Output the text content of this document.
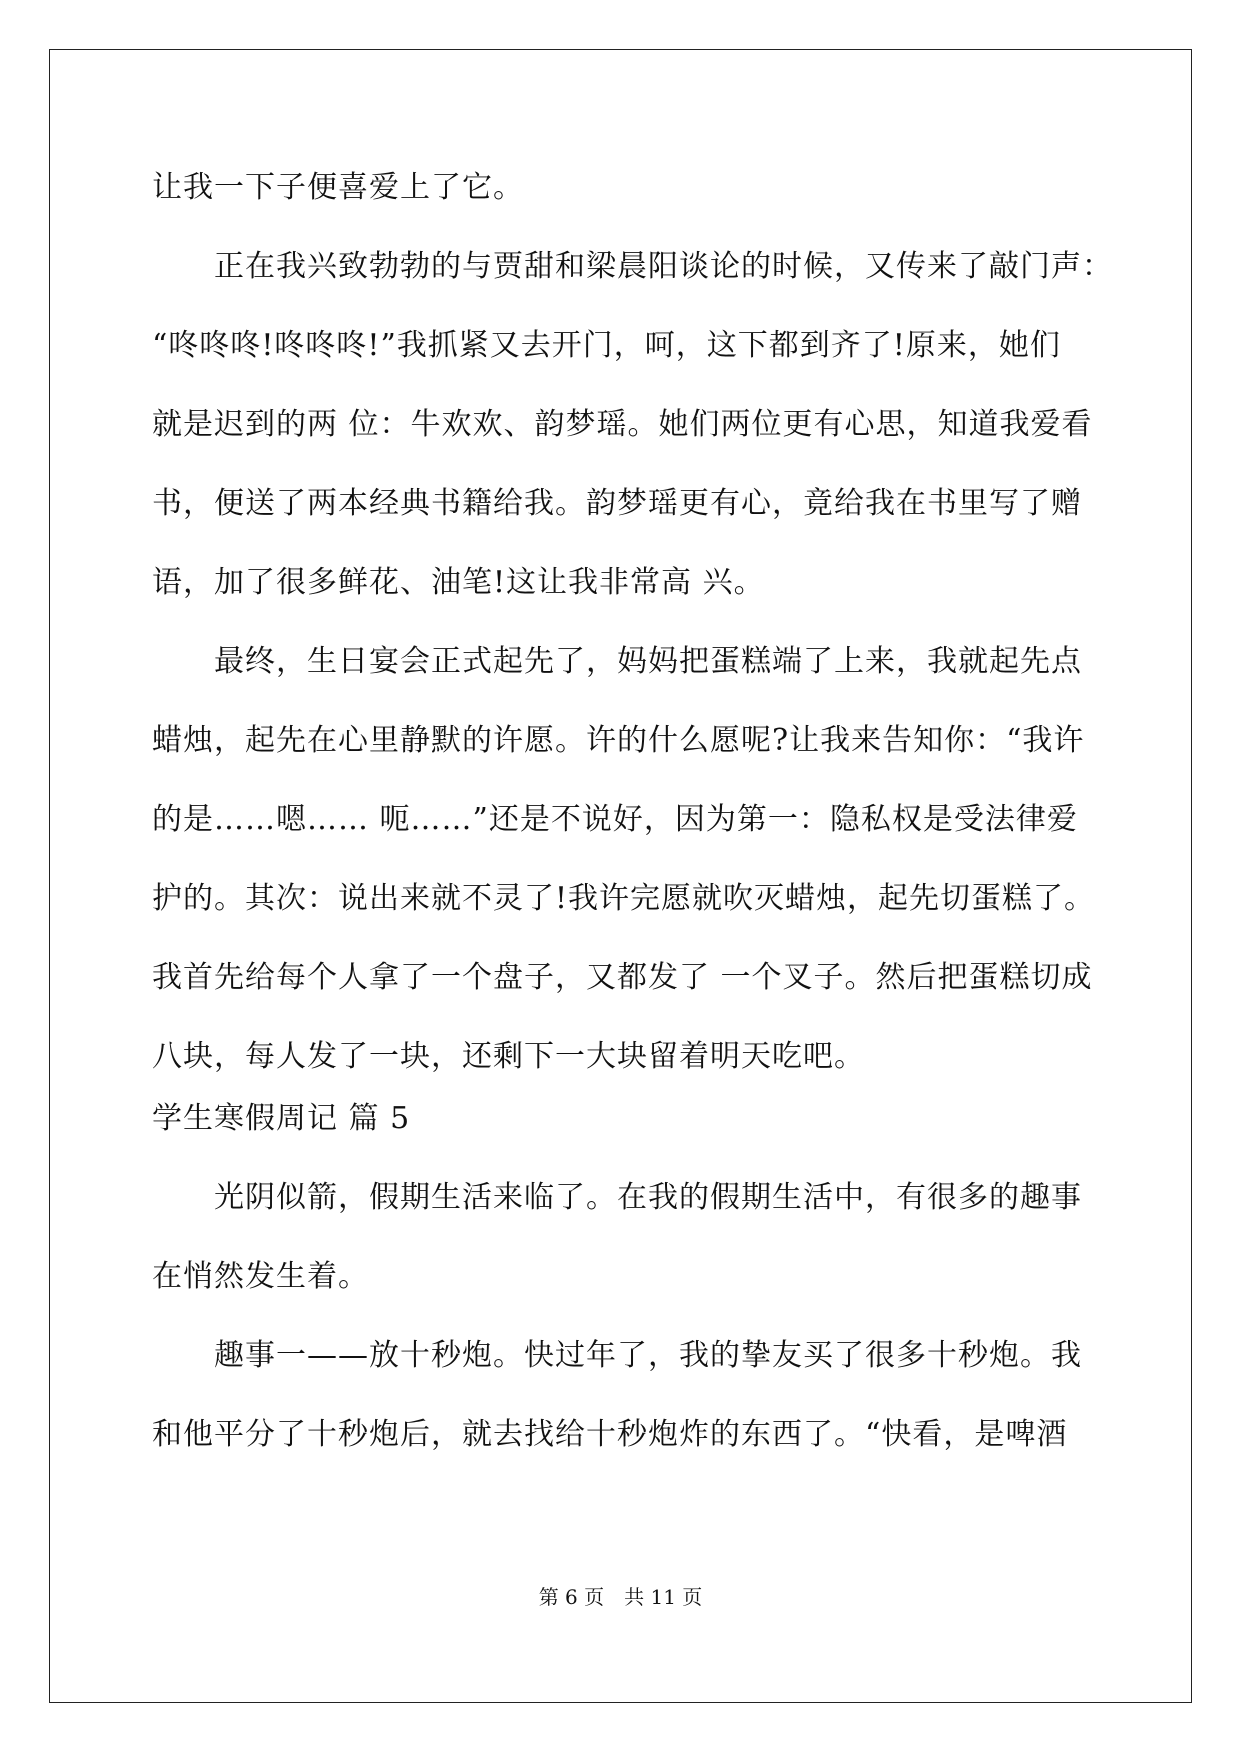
让我一下子便喜爱上了它。
正在我兴致勃勃的与贾甜和梁晨阳谈论的时候，又传来了敲门声：
“咚咚咚!咚咚咚!”我抓紧又去开门，呵，这下都到齐了!原来，她们
就是迟到的两 位：牛欢欢、韵梦瑶。她们两位更有心思，知道我爱看
书，便送了两本经典书籍给我。韵梦瑶更有心，竟给我在书里写了赠
语，加了很多鲜花、油笔!这让我非常高 兴。
最终，生日宴会正式起先了，妈妈把蛋糕端了上来，我就起先点
蜡烛，起先在心里静默的许愿。许的什么愿呢?让我来告知你：“我许
的是……嗯…… 呃……”还是不说好，因为第一：隐私权是受法律爱
护的。其次：说出来就不灵了!我许完愿就吹灭蜡烛，起先切蛋糕了。
我首先给每个人拿了一个盘子，又都发了 一个叉子。然后把蛋糕切成
八块，每人发了一块，还剩下一大块留着明天吃吧。
学生寒假周记 篇 5
光阴似箭，假期生活来临了。在我的假期生活中，有很多的趣事
在悄然发生着。
趣事一——放十秒炮。快过年了，我的挚友买了很多十秒炮。我
和他平分了十秒炮后，就去找给十秒炮炸的东西了。“快看，是啤酒
第 6 页　共 11 页
